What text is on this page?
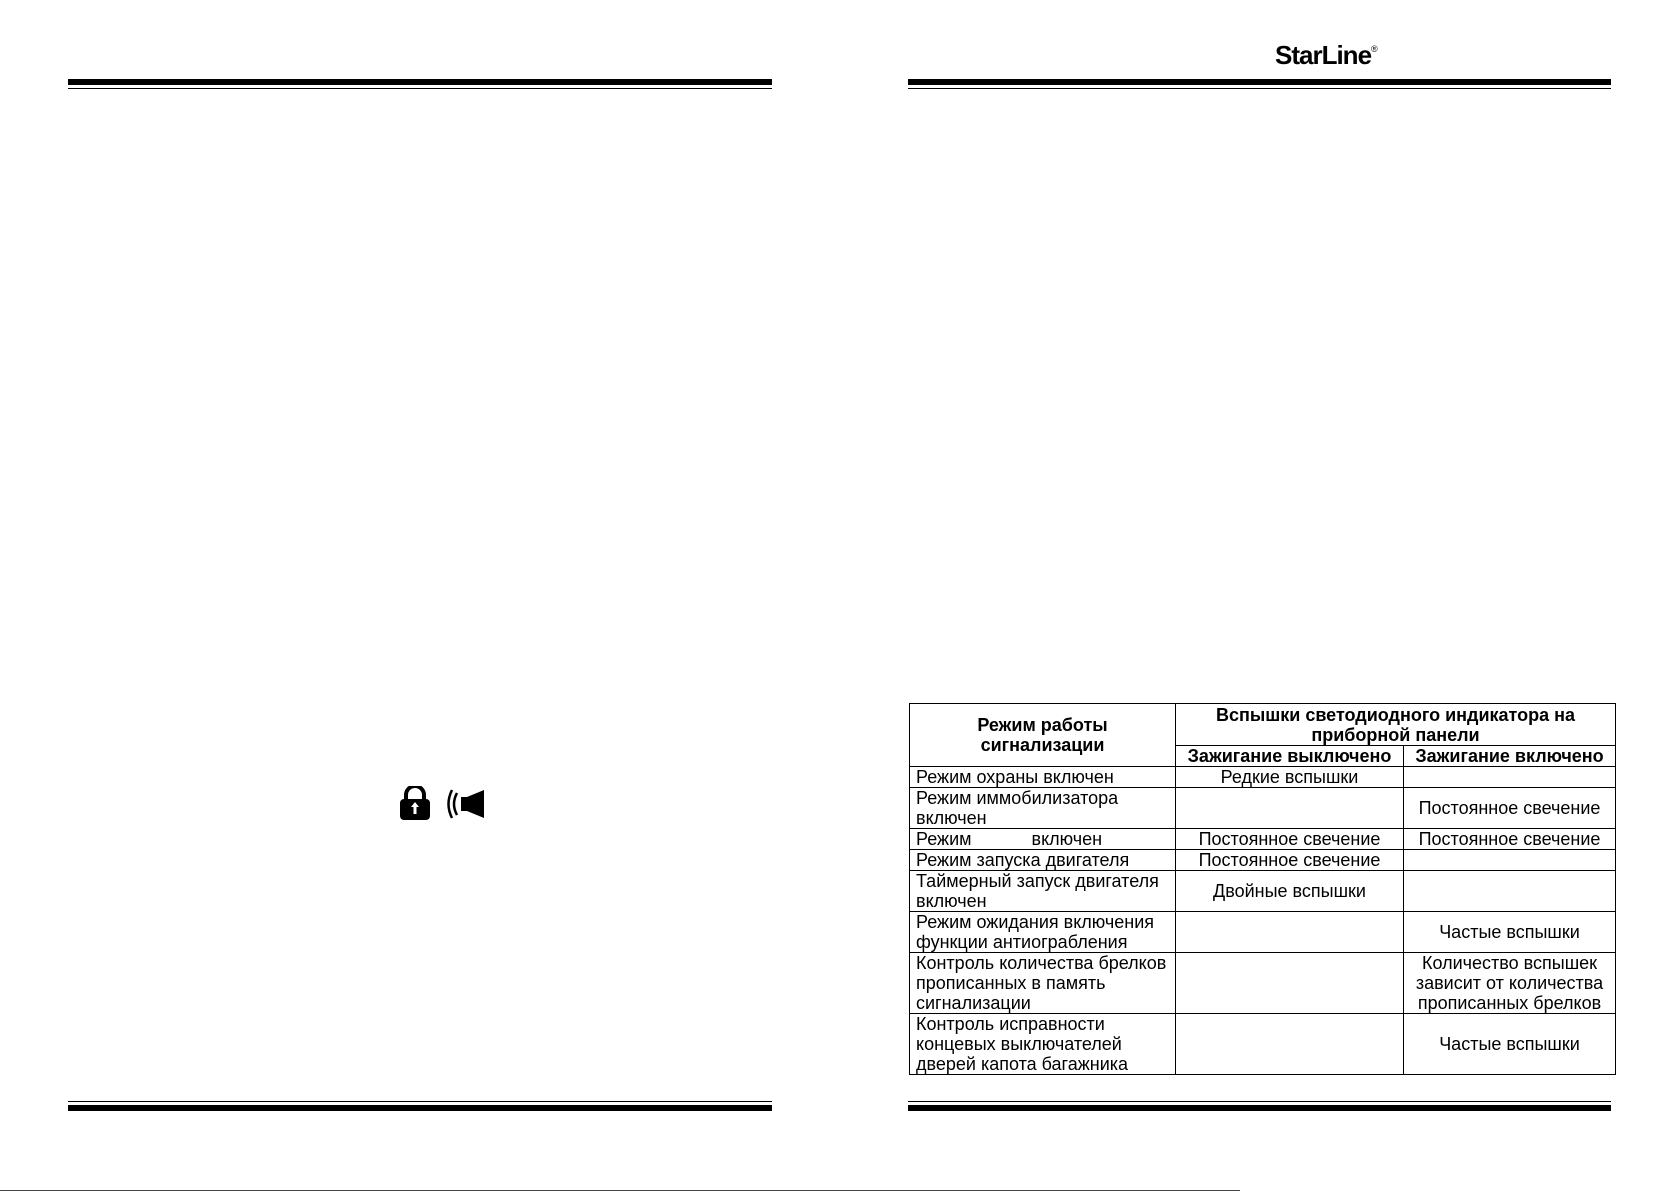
StarLine®
Режим работы сигнализации	Вспышки светодиодного индикатора на приборной панели	
	Зажигание выключено	Зажигание включено
Режим охраны включен	Редкие вспышки	
Режим иммобилизатора включен		Постоянное свечение
Режим            включен	Постоянное свечение	Постоянное свечение
Режим запуска двигателя	Постоянное свечение	
Таймерный запуск двигателя включен	Двойные вспышки	
Режим ожидания включения функции антиограбления		Частые вспышки
Контроль количества брелков прописанных в память сигнализации		Количество вспышек зависит от количества прописанных брелков
Контроль исправности концевых выключателей дверей капота багажника		Частые вспышки
